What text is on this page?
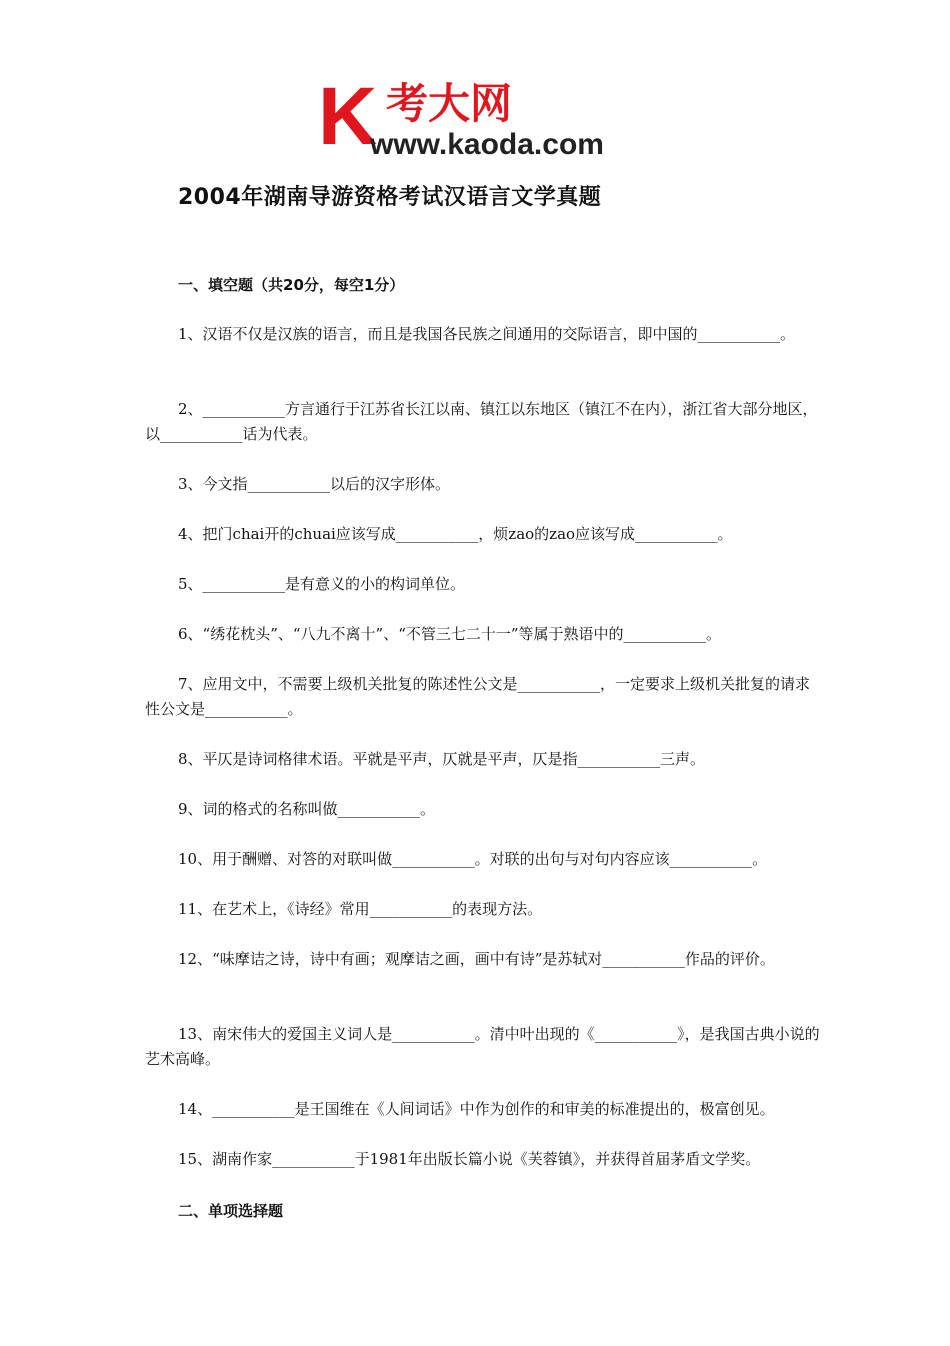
K 考大网
www.kaoda.com
2004年湖南导游资格考试汉语言文学真题
一、填空题（共20分，每空1分）
1、汉语不仅是汉族的语言，而且是我国各民族之间通用的交际语言，即中国的___________。
2、___________方言通行于江苏省长江以南、镇江以东地区（镇江不在内），浙江省大部分地区，以___________话为代表。
3、今文指___________以后的汉字形体。
4、把门chai开的chuai应该写成___________，烦zao的zao应该写成___________。
5、___________是有意义的小的构词单位。
6、“绣花枕头”、“八九不离十”、“不管三七二十一”等属于熟语中的___________。
7、应用文中，不需要上级机关批复的陈述性公文是___________，一定要求上级机关批复的请求性公文是___________。
8、平仄是诗词格律术语。平就是平声，仄就是平声，仄是指___________三声。
9、词的格式的名称叫做___________。
10、用于酬赠、对答的对联叫做___________。对联的出句与对句内容应该___________。
11、在艺术上，《诗经》常用___________的表现方法。
12、“味摩诘之诗，诗中有画；观摩诘之画，画中有诗”是苏轼对___________作品的评价。
13、南宋伟大的爱国主义词人是___________。清中叶出现的《___________》，是我国古典小说的艺术高峰。
14、___________是王国维在《人间词话》中作为创作的和审美的标准提出的，极富创见。
15、湖南作家___________于1981年出版长篇小说《芙蓉镇》，并获得首届茅盾文学奖。
二、单项选择题
